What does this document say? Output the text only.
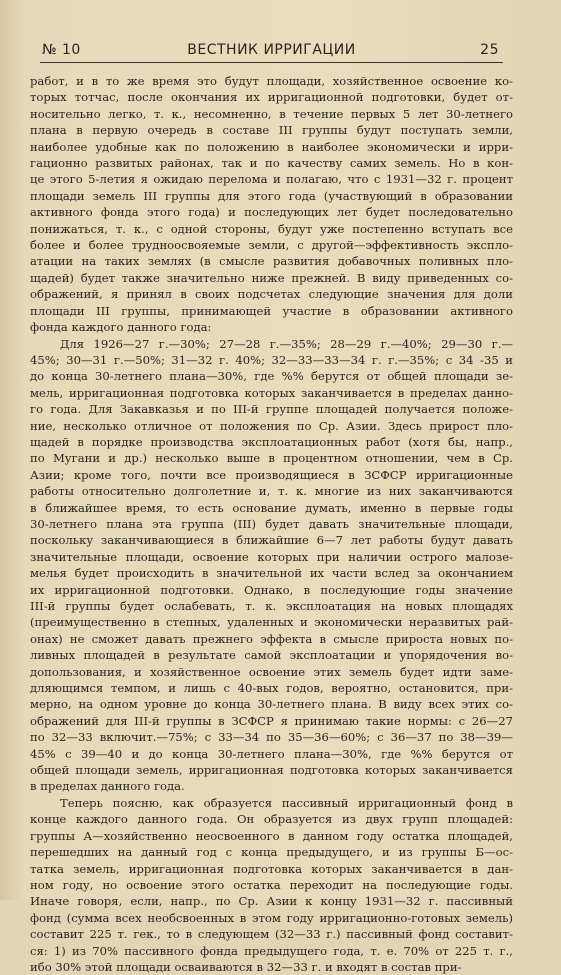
№ 10	ВЕСТНИК ИРРИГАЦИИ	25

работ, и в то же время это будут площади, хозяйственное освоение ко-
торых тотчас, после окончания их ирригационной подготовки, будет от-
носительно легко, т. к., несомненно, в течение первых 5 лет 30-летнего
плана в первую очередь в составе III группы будут поступать земли,
наиболее удобные как по положению в наиболее экономически и ирри-
гационно развитых районах, так и по качеству самих земель. Но в кон-
це этого 5-летия я ожидаю перелома и полагаю, что с 1931—32 г. процент
площади земель III группы для этого года (участвующий в образовании
активного фонда этого года) и последующих лет будет последовательно
понижаться, т. к., с одной стороны, будут уже постепенно вступать все
более и более трудноосвояемые земли, с другой—эффективность экспло-
атации на таких землях (в смысле развития добавочных поливных пло-
щадей) будет также значительно ниже прежней. В виду приведенных со-
ображений, я принял в своих подсчетах следующие значения для доли
площади III группы, принимающей участие в образовании активного
фонда каждого данного года:

Для 1926—27 г.—30%; 27—28 г.—35%; 28—29 г.—40%; 29—30 г.—
45%; 30—31 г.—50%; 31—32 г. 40%; 32—33—33—34 г. г.—35%; с 34 -35 и
до конца 30-летнего плана—30%, где %% берутся от общей площади зе-
мель, ирригационная подготовка которых заканчивается в пределах данно-
го года. Для Закавказья и по III-й группе площадей получается положе-
ние, несколько отличное от положения по Ср. Азии. Здесь прирост пло-
щадей в порядке производства эксплоатационных работ (хотя бы, напр.,
по Мугани и др.) несколько выше в процентном отношении, чем в Ср.
Азии; кроме того, почти все производящиеся в ЗСФСР ирригационные
работы относительно долголетние и, т. к. многие из них заканчиваются
в ближайшее время, то есть основание думать, именно в первые годы
30-летнего плана эта группа (III) будет давать значительные площади,
поскольку заканчивающиеся в ближайшие 6—7 лет работы будут давать
значительные площади, освоение которых при наличии острого малозе-
мелья будет происходить в значительной их части вслед за окончанием
их ирригационной подготовки. Однако, в последующие годы значение
III-й группы будет ослабевать, т. к. эксплоатация на новых площадях
(преимущественно в степных, удаленных и экономически неразвитых рай-
онах) не сможет давать прежнего эффекта в смысле прироста новых по-
ливных площадей в результате самой эксплоатации и упорядочения во-
допользования, и хозяйственное освоение этих земель будет идти заме-
дляющимся темпом, и лишь с 40-вых годов, вероятно, остановится, при-
мерно, на одном уровне до конца 30-летнего плана. В виду всех этих со-
ображений для III-й группы в ЗСФСР я принимаю такие нормы: с 26—27
по 32—33 включит.—75%; с 33—34 по 35—36—60%; с 36—37 по 38—39—
45% с 39—40 и до конца 30-летнего плана—30%, где %% берутся от
общей площади земель, ирригационная подготовка которых заканчивается
в пределах данного года.

Теперь поясню, как образуется пассивный ирригационный фонд в
конце каждого данного года. Он образуется из двух групп площадей:
группы А—хозяйственно неосвоенного в данном году остатка площадей,
перешедших на данный год с конца предыдущего, и из группы Б—ос-
татка земель, ирригационная подготовка которых заканчивается в дан-
ном году, но освоение этого остатка переходит на последующие годы.
Иначе говоря, если, напр., по Ср. Азии к концу 1931—32 г. пассивный
фонд (сумма всех необсвоенных в этом году ирригационно-готовых земель)
составит 225 т. гек., то в следующем (32—33 г.) пассивный фонд составит-
ся: 1) из 70% пассивного фонда предыдущего года, т. е. 70% от 225 т. г.,
ибо 30% этой площади осваиваются в 32—33 г. и входят в состав при-
